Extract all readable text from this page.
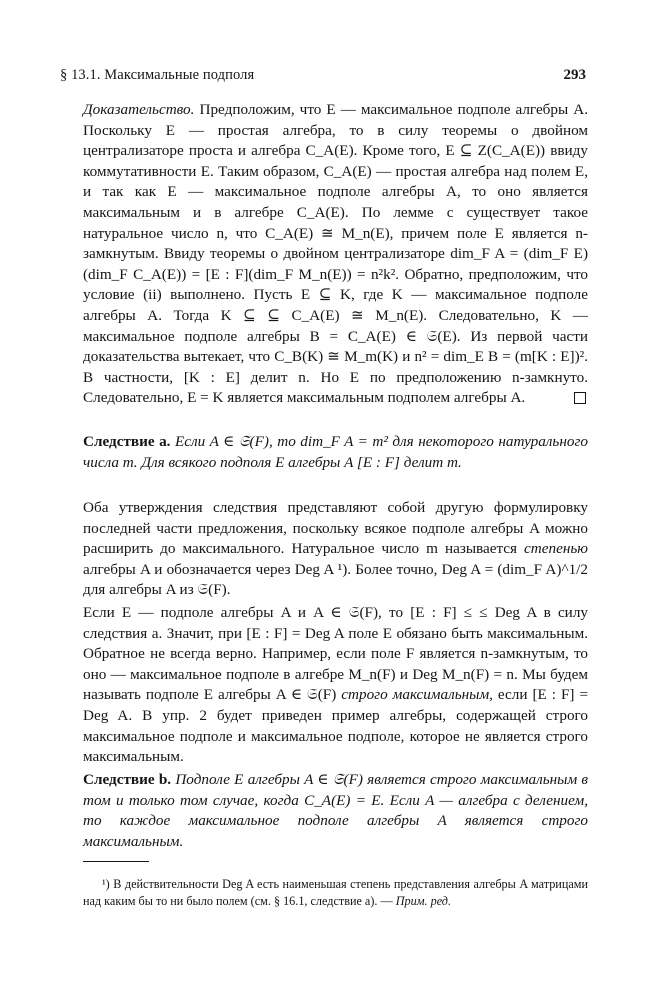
§ 13.1. Максимальные подполя	293

Доказательство. Предположим, что E — максимальное подполе алгебры A. Поскольку E — простая алгебра, то в силу теоремы о двойном централизаторе проста и алгебра C_A(E). Кроме того, E ⊆ Z(C_A(E)) ввиду коммутативности E. Таким образом, C_A(E) — простая алгебра над полем E, и так как E — максимальное подполе алгебры A, то оно является максимальным и в алгебре C_A(E). По лемме c существует такое натуральное число n, что C_A(E) ≅ M_n(E), причем поле E является n-замкнутым. Ввиду теоремы о двойном централизаторе dim_F A = (dim_F E)(dim_F C_A(E)) = [E : F](dim_F M_n(E)) = n²k². Обратно, предположим, что условие (ii) выполнено. Пусть E ⊆ K, где K — максимальное подполе алгебры A. Тогда K ⊆ ⊆ C_A(E) ≅ M_n(E). Следовательно, K — максимальное подполе алгебры B = C_A(E) ∈ 𝔖(E). Из первой части доказательства вытекает, что C_B(K) ≅ M_m(K) и n² = dim_E B = (m[K : E])². В частности, [K : E] делит n. Но E по предположению n-замкнуто. Следовательно, E = K является максимальным подполем алгебры A.

Следствие a. Если A ∈ 𝔖(F), то dim_F A = m² для некоторого натурального числа m. Для всякого подполя E алгебры A [E : F] делит m.

Оба утверждения следствия представляют собой другую формулировку последней части предложения, поскольку всякое подполе алгебры A можно расширить до максимального. Натуральное число m называется степенью алгебры A и обозначается через Deg A ¹). Более точно, Deg A = (dim_F A)^1/2 для алгебры A из 𝔖(F).

Если E — подполе алгебры A и A ∈ 𝔖(F), то [E : F] ≤ ≤ Deg A в силу следствия a. Значит, при [E : F] = Deg A поле E обязано быть максимальным. Обратное не всегда верно. Например, если поле F является n-замкнутым, то оно — максимальное подполе в алгебре M_n(F) и Deg M_n(F) = n. Мы будем называть подполе E алгебры A ∈ 𝔖(F) строго максимальным, если [E : F] = Deg A. В упр. 2 будет приведен пример алгебры, содержащей строго максимальное подполе и максимальное подполе, которое не является строго максимальным.

Следствие b. Подполе E алгебры A ∈ 𝔖(F) является строго максимальным в том и только том случае, когда C_A(E) = E. Если A — алгебра с делением, то каждое максимальное подполе алгебры A является строго максимальным.

¹) В действительности Deg A есть наименьшая степень представления алгебры A матрицами над каким бы то ни было полем (см. § 16.1, следствие a). — Прим. ред.
